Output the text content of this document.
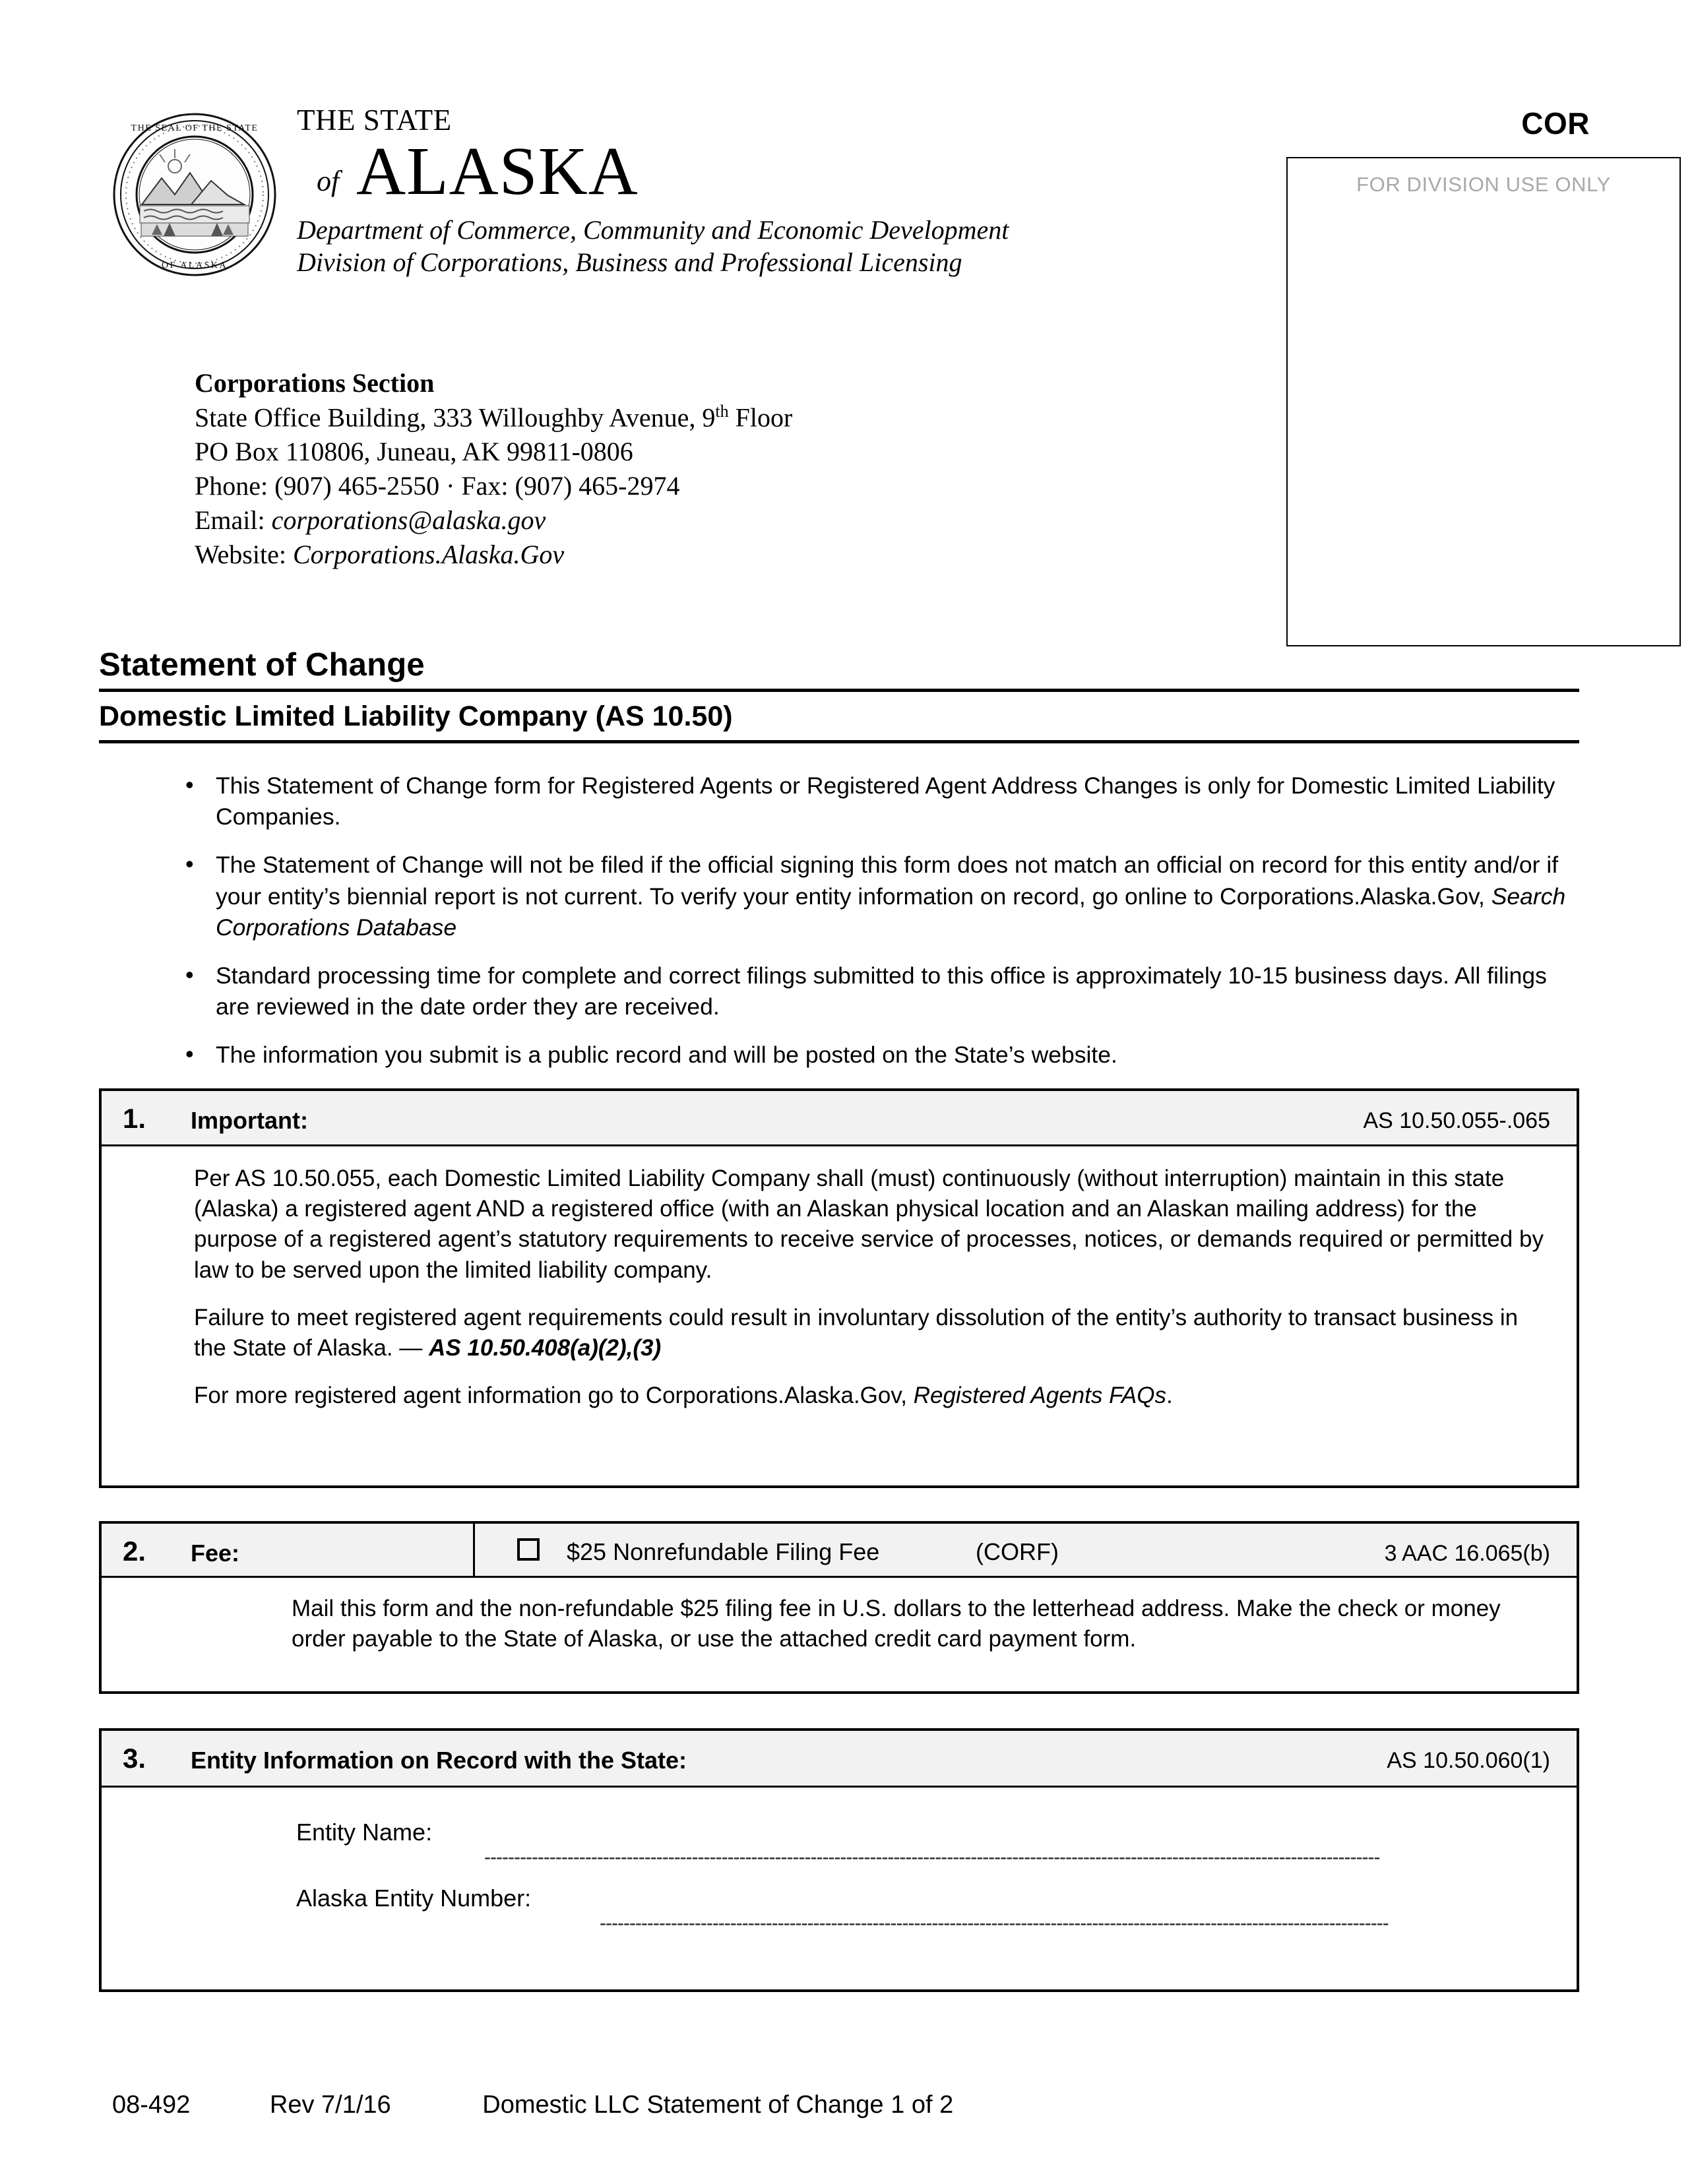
THE SEAL OF THE STATE
OF ALASKA
THE STATE
of ALASKA
Department of Commerce, Community and Economic Development
Division of Corporations, Business and Professional Licensing
COR
FOR DIVISION USE ONLY
Corporations Section
State Office Building, 333 Willoughby Avenue, 9th Floor
PO Box 110806, Juneau, AK 99811-0806
Phone: (907) 465-2550 · Fax: (907) 465-2974
Email: corporations@alaska.gov
Website: Corporations.Alaska.Gov
Statement of Change
Domestic Limited Liability Company (AS 10.50)
• This Statement of Change form for Registered Agents or Registered Agent Address Changes is only for Domestic Limited Liability Companies.
• The Statement of Change will not be filed if the official signing this form does not match an official on record for this entity and/or if your entity’s biennial report is not current. To verify your entity information on record, go online to Corporations.Alaska.Gov, Search Corporations Database
• Standard processing time for complete and correct filings submitted to this office is approximately 10-15 business days. All filings are reviewed in the date order they are received.
• The information you submit is a public record and will be posted on the State’s website.
1. Important:	AS 10.50.055-.065

Per AS 10.50.055, each Domestic Limited Liability Company shall (must) continuously (without interruption) maintain in this state (Alaska) a registered agent AND a registered office (with an Alaskan physical location and an Alaskan mailing address) for the purpose of a registered agent’s statutory requirements to receive service of processes, notices, or demands required or permitted by law to be served upon the limited liability company.

Failure to meet registered agent requirements could result in involuntary dissolution of the entity’s authority to transact business in the State of Alaska. — AS 10.50.408(a)(2),(3)

For more registered agent information go to Corporations.Alaska.Gov, Registered Agents FAQs.

2. Fee:	$25 Nonrefundable Filing Fee	(CORF)	3 AAC 16.065(b)

Mail this form and the non-refundable $25 filing fee in U.S. dollars to the letterhead address. Make the check or money order payable to the State of Alaska, or use the attached credit card payment form.

3. Entity Information on Record with the State:	AS 10.50.060(1)
Entity Name:
-------------------------------------------------------------------------------------------------------------------------------------------------------
Alaska Entity Number:
-------------------------------------------------------------------------------------------------------------------------------------
08-492	Rev 7/1/16	Domestic LLC Statement of Change 1 of 2
